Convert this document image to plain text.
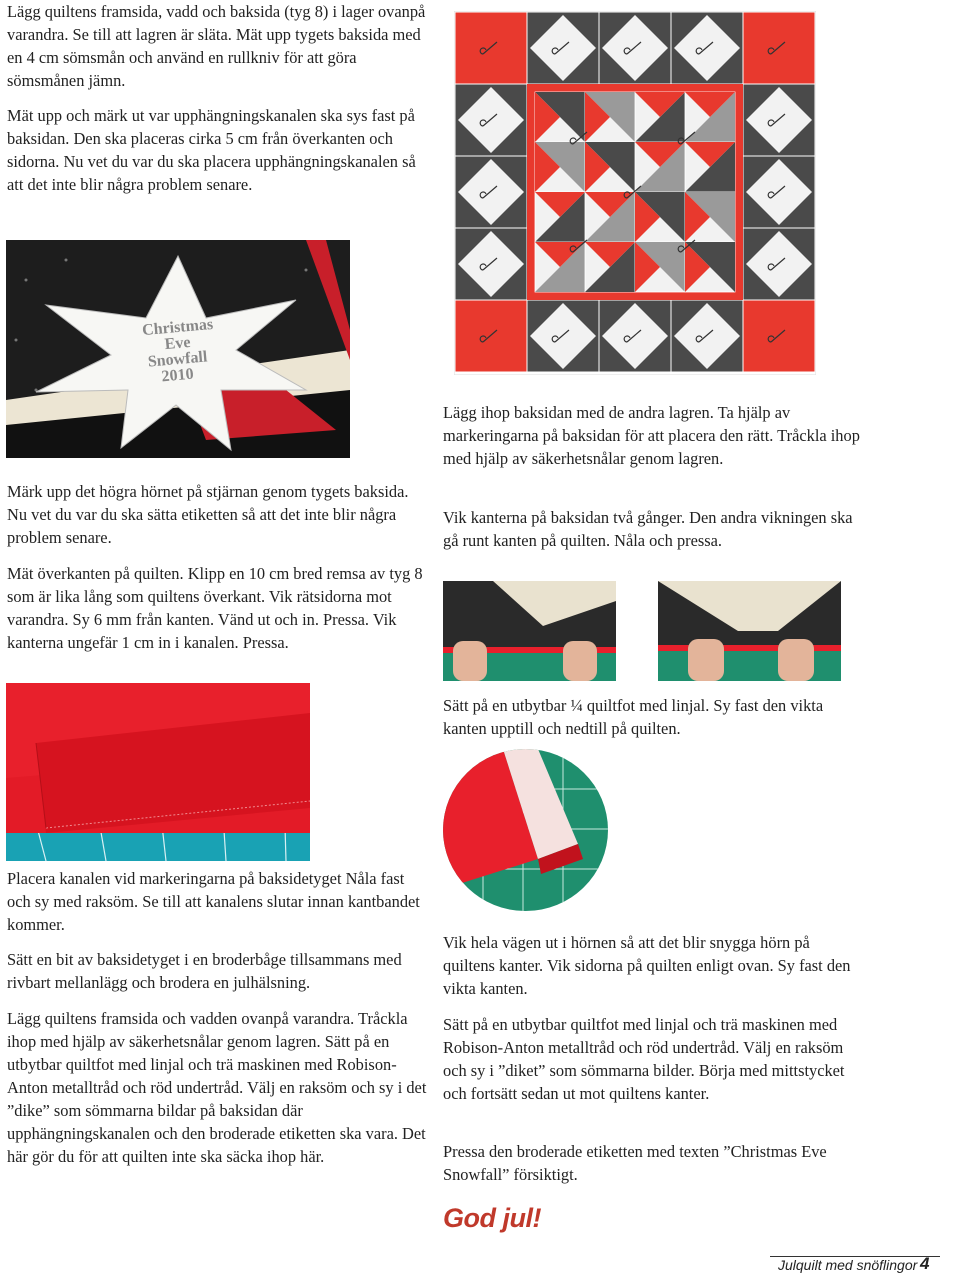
Lägg quiltens framsida, vadd och baksida (tyg 8) i lager ovanpå varandra. Se till att lagren är släta. Mät upp tygets baksida med en 4 cm sömsmån och använd en rullkniv för att göra sömsmånen jämn.

Mät upp och märk ut var upphängningskanalen ska sys fast på baksidan. Den ska placeras cirka 5 cm från överkanten och sidorna. Nu vet du var du ska placera upphängningskanalen så att det inte blir några problem senare.

Christmas
Eve
Snowfall
2010

Märk upp det högra hörnet på stjärnan genom tygets baksida. Nu vet du var du ska sätta etiketten så att det inte blir några problem senare.

Mät överkanten på quilten. Klipp en 10 cm bred remsa av tyg 8 som är lika lång som quiltens överkant. Vik rätsidorna mot varandra. Sy 6 mm från kanten. Vänd ut och in. Pressa. Vik kanterna ungefär 1 cm in i kanalen. Pressa.

Placera kanalen vid markeringarna på baksidetyget Nåla fast och sy med raksöm. Se till att kanalens slutar innan kantbandet kommer.

Sätt en bit av baksidetyget i en broderbåge tillsammans med rivbart mellanlägg och brodera en julhälsning.

Lägg quiltens framsida och vadden ovanpå varandra. Tråckla ihop med hjälp av säkerhetsnålar genom lagren. Sätt på en utbytbar quiltfot med linjal och trä maskinen med Robison-Anton metalltråd och röd undertråd. Välj en raksöm och sy i det ”dike” som sömmarna bildar på baksidan där upphängningskanalen och den broderade etiketten ska vara. Det här gör du för att quilten inte ska säcka ihop här.

Lägg ihop baksidan med de andra lagren. Ta hjälp av markeringarna på baksidan för att placera den rätt. Tråckla ihop med hjälp av säkerhetsnålar genom lagren.

Vik kanterna på baksidan två gånger. Den andra vikningen ska gå runt kanten på quilten. Nåla och pressa.

Sätt på en utbytbar ¼ quiltfot med linjal. Sy fast den vikta kanten upptill och nedtill på quilten.

Vik hela vägen ut i hörnen så att det blir snygga hörn på quiltens kanter. Vik sidorna på quilten enligt ovan. Sy fast den vikta kanten.

Sätt på en utbytbar quiltfot med linjal och trä maskinen med Robison-Anton metalltråd och röd undertråd. Välj en raksöm och sy i ”diket” som sömmarna bilder. Börja med mittstycket och fortsätt sedan ut mot quiltens kanter.

Pressa den broderade etiketten med texten ”Christmas Eve Snowfall” försiktigt.

God jul!
Julquilt med snöflingor 4
